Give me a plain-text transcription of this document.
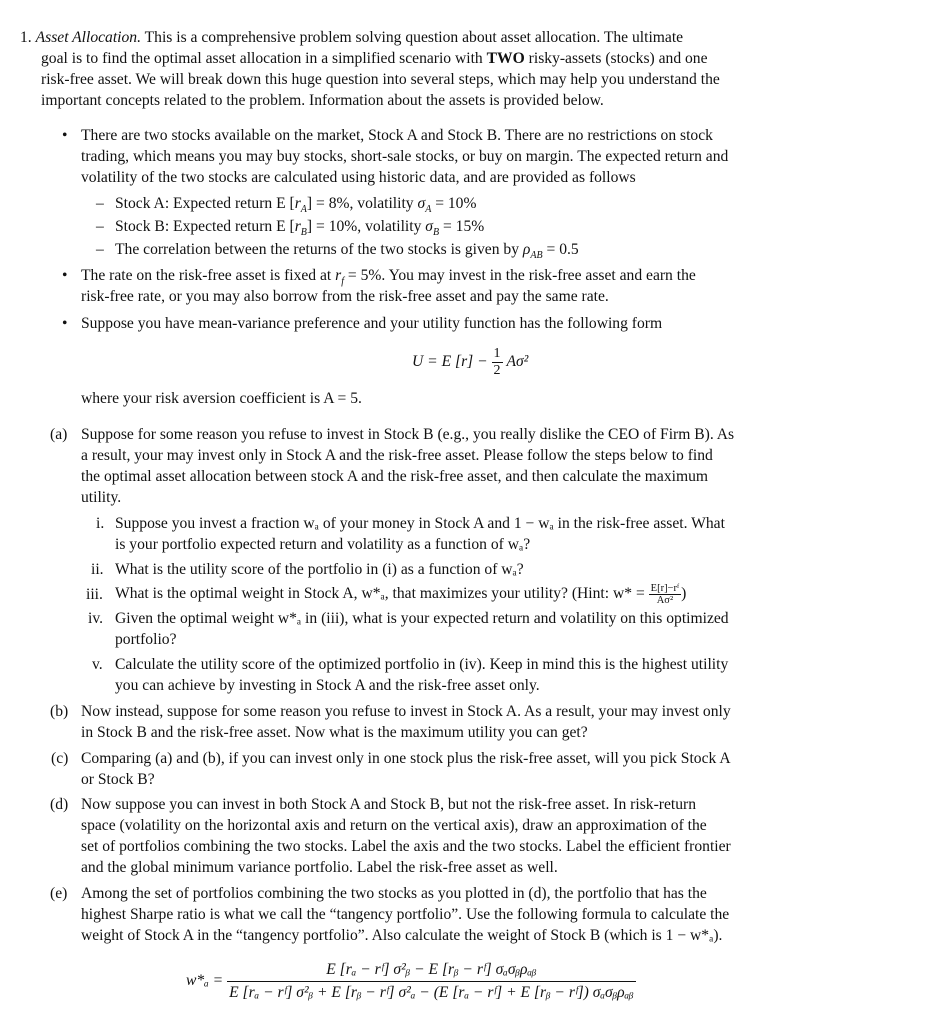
1. Asset Allocation. This is a comprehensive problem solving question about asset allocation. The ultimate
goal is to find the optimal asset allocation in a simplified scenario with TWO risky-assets (stocks) and one
risk-free asset. We will break down this huge question into several steps, which may help you understand the
important concepts related to the problem. Information about the assets is provided below.
• There are two stocks available on the market, Stock A and Stock B. There are no restrictions on stock
trading, which means you may buy stocks, short-sale stocks, or buy on margin. The expected return and
volatility of the two stocks are calculated using historic data, and are provided as follows
– Stock A: Expected return E $[r_A] = 8\%$, volatility $\sigma_A = 10\%$
– Stock B: Expected return E $[r_B] = 10\%$, volatility $\sigma_B = 15\%$
– The correlation between the returns of the two stocks is given by $\rho_{AB} = 0.5$
• The rate on the risk-free asset is fixed at $r_f = 5\%$. You may invest in the risk-free asset and earn the
risk-free rate, or you may also borrow from the risk-free asset and pay the same rate.
• Suppose you have mean-variance preference and your utility function has the following form
U = E $[r] - \frac{1}{2} A\sigma^2$
where your risk aversion coefficient is A = 5.
(a) Suppose for some reason you refuse to invest in Stock B (e.g., you really dislike the CEO of Firm B). As
a result, your may invest only in Stock A and the risk-free asset. Please follow the steps below to find
the optimal asset allocation between stock A and the risk-free asset, and then calculate the maximum
utility.
i. Suppose you invest a fraction wₐ of your money in Stock A and 1 − wₐ in the risk-free asset. What
is your portfolio expected return and volatility as a function of wₐ?
ii. What is the utility score of the portfolio in (i) as a function of wₐ?
iii. What is the optimal weight in Stock A, w*ₐ, that maximizes your utility? (Hint: $w* = \frac{\text{E[r]−rᶠ}}{\text{Aσ²}}$ )
iv. Given the optimal weight w*ₐ in (iii), what is your expected return and volatility on this optimized
portfolio?
v. Calculate the utility score of the optimized portfolio in (iv). Keep in mind this is the highest utility
you can achieve by investing in Stock A and the risk-free asset only.
(b) Now instead, suppose for some reason you refuse to invest in Stock A. As a result, your may invest only
in Stock B and the risk-free asset. Now what is the maximum utility you can get?
(c) Comparing (a) and (b), if you can invest only in one stock plus the risk-free asset, will you pick Stock A
or Stock B?
(d) Now suppose you can invest in both Stock A and Stock B, but not the risk-free asset. In risk-return
space (volatility on the horizontal axis and return on the vertical axis), draw an approximation of the
set of portfolios combining the two stocks. Label the axis and the two stocks. Label the efficient frontier
and the global minimum variance portfolio. Label the risk-free asset as well.
(e) Among the set of portfolios combining the two stocks as you plotted in (d), the portfolio that has the
highest Sharpe ratio is what we call the “tangency portfolio”. Use the following formula to calculate the
weight of Stock A in the “tangency portfolio”. Also calculate the weight of Stock B (which is 1 − w*ₐ).
w*ₐ =
E [rₐ − rᶠ] σ²ᵦ − E [rᵦ − rᶠ] σₐσᵦρₐᵦ
E [rₐ − rᶠ] σ²ᵦ + E [rᵦ − rᶠ] σ²ₐ − (E [rₐ − rᶠ] + E [rᵦ − rᶠ]) σₐσᵦρₐᵦ
